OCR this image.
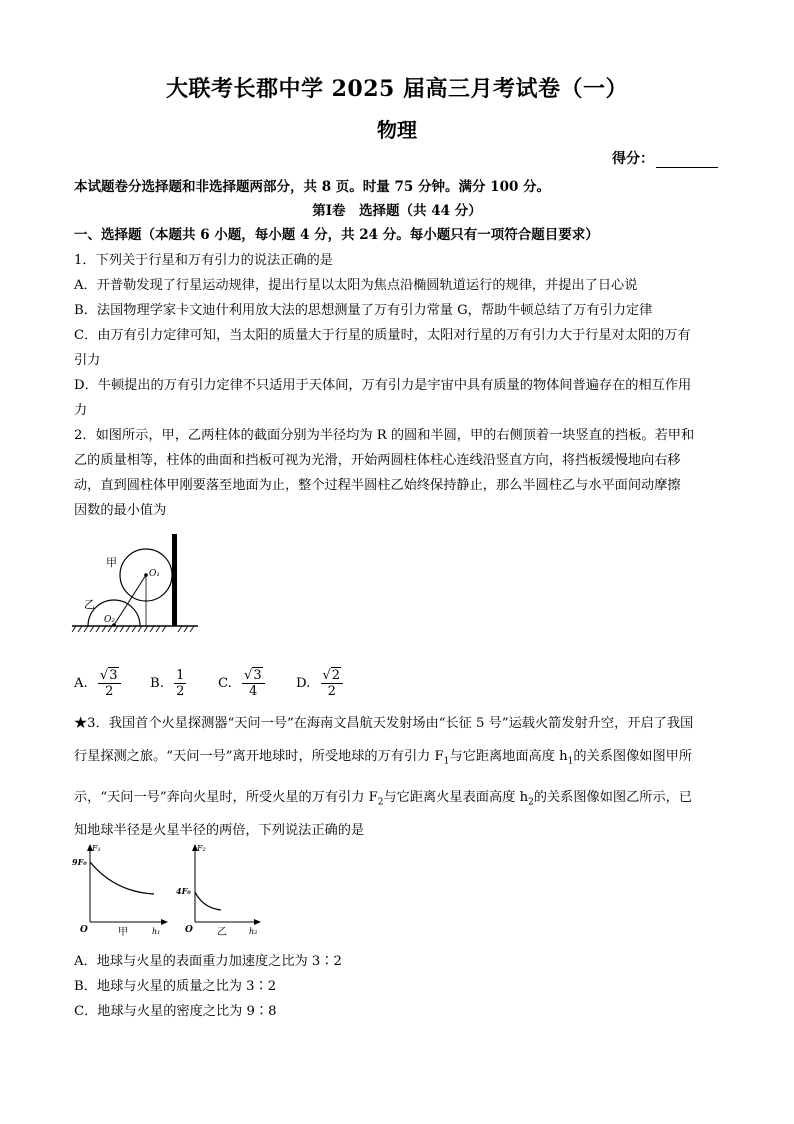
大联考长郡中学 2025 届高三月考试卷（一）
物理
得分：
本试题卷分选择题和非选择题两部分，共 8 页。时量 75 分钟。满分 100 分。
第Ⅰ卷　选择题（共 44 分）
一、选择题（本题共 6 小题，每小题 4 分，共 24 分。每小题只有一项符合题目要求）
1．下列关于行星和万有引力的说法正确的是
A．开普勒发现了行星运动规律，提出行星以太阳为焦点沿椭圆轨道运行的规律，并提出了日心说
B．法国物理学家卡文迪什利用放大法的思想测量了万有引力常量 G，帮助牛顿总结了万有引力定律
C．由万有引力定律可知，当太阳的质量大于行星的质量时，太阳对行星的万有引力大于行星对太阳的万有
引力
D．牛顿提出的万有引力定律不只适用于天体间，万有引力是宇宙中具有质量的物体间普遍存在的相互作用
力
2．如图所示，甲，乙两柱体的截面分别为半径均为 R 的圆和半圆，甲的右侧顶着一块竖直的挡板。若甲和
乙的质量相等，柱体的曲面和挡板可视为光滑，开始两圆柱体柱心连线沿竖直方向，将挡板缓慢地向右移
动，直到圆柱体甲刚要落至地面为止，整个过程半圆柱乙始终保持静止，那么半圆柱乙与水平面间动摩擦
因数的最小值为
甲
乙
O₁
O₂
A. $\frac{√3}{2} B$. $\frac{1}{2} C$. $\frac{√3}{4} D$. $\frac{√2}{2}$
★3．我国首个火星探测器“天问一号”在海南文昌航天发射场由“长征 5 号”运载火箭发射升空，开启了我国
行星探测之旅。“天问一号”离开地球时，所受地球的万有引力 $F_1$与它距离地面高度 $h_1$的关系图像如图甲所
示，“天问一号”奔向火星时，所受火星的万有引力 $F_2$与它距离火星表面高度 $h_2$的关系图像如图乙所示，已
知地球半径是火星半径的两倍，下列说法正确的是
F₁
9F₀
O	h₁
甲
F₂
4F₀
O	h₂
乙
A．地球与火星的表面重力加速度之比为 3∶2
B．地球与火星的质量之比为 3∶2
C．地球与火星的密度之比为 9∶8
